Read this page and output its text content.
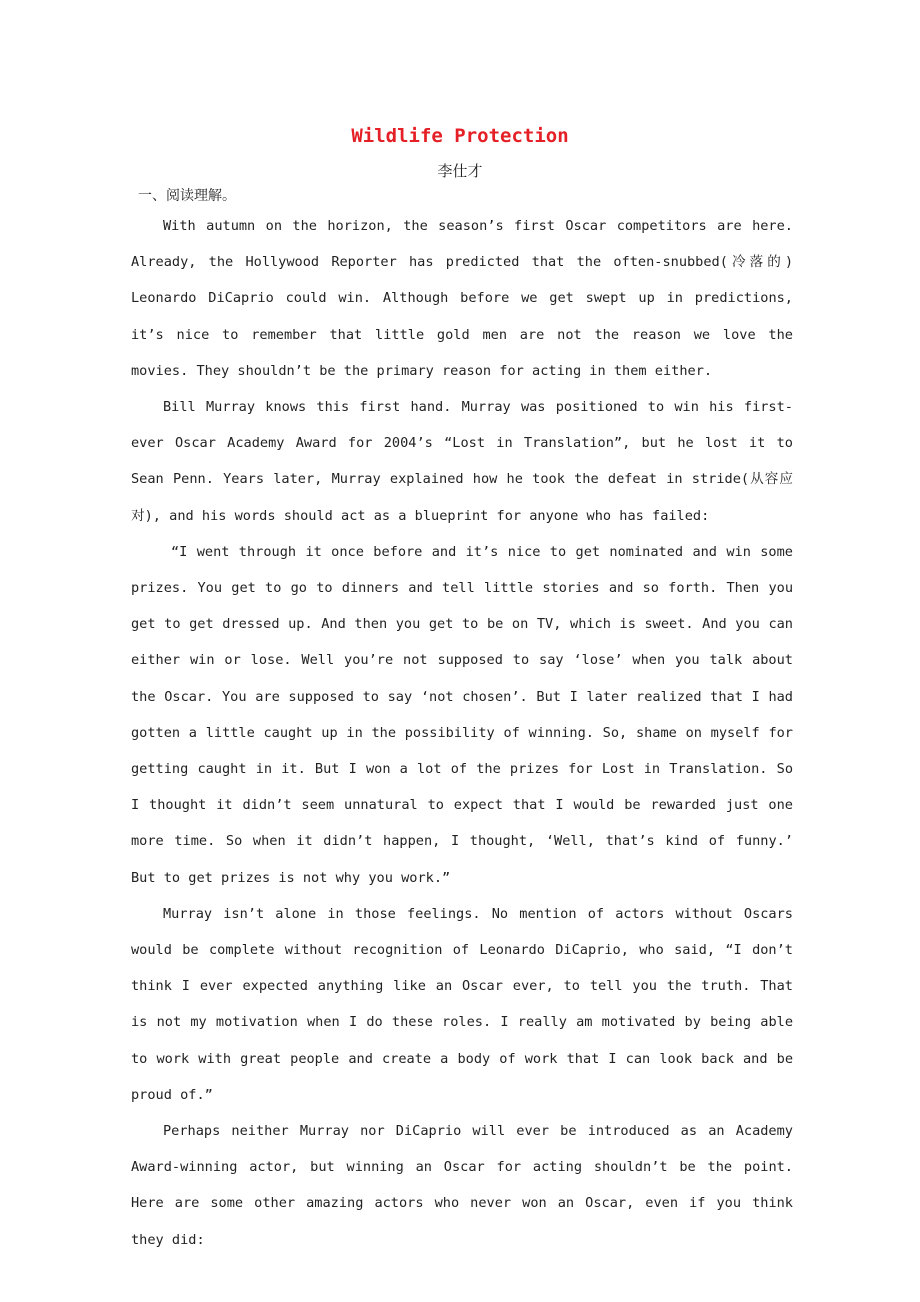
Wildlife Protection
李仕才
一、阅读理解。

With autumn on the horizon, the season’s first Oscar competitors are here. Already, the Hollywood Reporter has predicted that the often-snubbed(冷落的) Leonardo DiCaprio could win. Although before we get swept up in predictions, it’s nice to remember that little gold men are not the reason we love the movies. They shouldn’t be the primary reason for acting in them either.

Bill Murray knows this first hand. Murray was positioned to win his first-ever Oscar Academy Award for 2004’s “Lost in Translation”, but he lost it to Sean Penn. Years later, Murray explained how he took the defeat in stride(从容应对), and his words should act as a blueprint for anyone who has failed:

“I went through it once before and it’s nice to get nominated and win some prizes. You get to go to dinners and tell little stories and so forth. Then you get to get dressed up. And then you get to be on TV, which is sweet. And you can either win or lose. Well you’re not supposed to say ‘lose’ when you talk about the Oscar. You are supposed to say ‘not chosen’. But I later realized that I had gotten a little caught up in the possibility of winning. So, shame on myself for getting caught in it. But I won a lot of the prizes for Lost in Translation. So I thought it didn’t seem unnatural to expect that I would be rewarded just one more time. So when it didn’t happen, I thought, ‘Well, that’s kind of funny.’ But to get prizes is not why you work.”

Murray isn’t alone in those feelings. No mention of actors without Oscars would be complete without recognition of Leonardo DiCaprio, who said, “I don’t think I ever expected anything like an Oscar ever, to tell you the truth. That is not my motivation when I do these roles. I really am motivated by being able to work with great people and create a body of work that I can look back and be proud of.”

Perhaps neither Murray nor DiCaprio will ever be introduced as an Academy Award-winning actor, but winning an Oscar for acting shouldn’t be the point. Here are some other amazing actors who never won an Oscar, even if you think they did:
